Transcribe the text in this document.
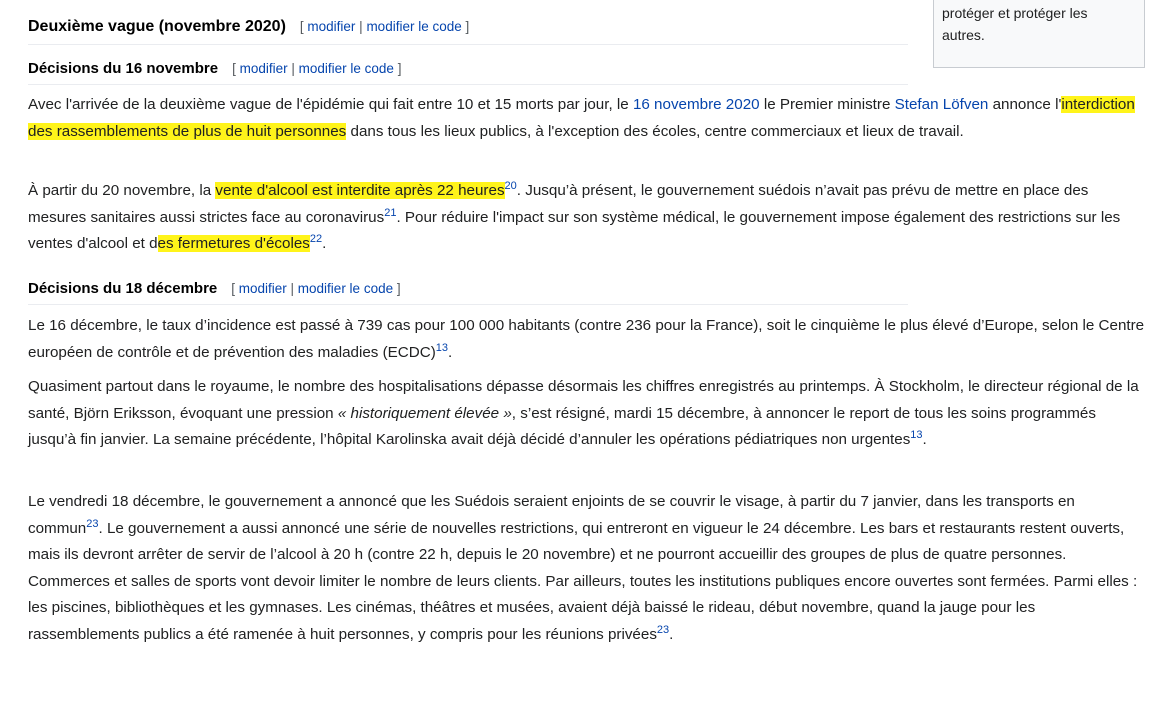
protéger et protéger les

autres.

Deuxième vague (novembre 2020) [ modifier | modifier le code ]
Décisions du 16 novembre [ modifier | modifier le code ]

Avec l'arrivée de la deuxième vague de l'épidémie qui fait entre 10 et 15 morts par jour, le 16 novembre 2020 le Premier ministre Stefan Löfven annonce l'interdiction des rassemblements de plus de huit personnes dans tous les lieux publics, à l'exception des écoles, centre commerciaux et lieux de travail.

À partir du 20 novembre, la vente d'alcool est interdite après 22 heures$^{20}$. Jusqu’à présent, le gouvernement suédois n’avait pas prévu de mettre en place des mesures sanitaires aussi strictes face au coronavirus$^{21}$. Pour réduire l'impact sur son système médical, le gouvernement impose également des restrictions sur les ventes d'alcool et des fermetures d'écoles$^{22}$.

Décisions du 18 décembre [ modifier | modifier le code ]

Le 16 décembre, le taux d’incidence est passé à 739 cas pour 100 000 habitants (contre 236 pour la France), soit le cinquième le plus élevé d’Europe, selon le Centre européen de contrôle et de prévention des maladies (ECDC)$^{13}$.

Quasiment partout dans le royaume, le nombre des hospitalisations dépasse désormais les chiffres enregistrés au printemps. À Stockholm, le directeur régional de la santé, Björn Eriksson, évoquant une pression « historiquement élevée », s’est résigné, mardi 15 décembre, à annoncer le report de tous les soins programmés jusqu’à fin janvier. La semaine précédente, l’hôpital Karolinska avait déjà décidé d’annuler les opérations pédiatriques non urgentes$^{13}$.

Le vendredi 18 décembre, le gouvernement a annoncé que les Suédois seraient enjoints de se couvrir le visage, à partir du 7 janvier, dans les transports en commun$^{23}$. Le gouvernement a aussi annoncé une série de nouvelles restrictions, qui entreront en vigueur le 24 décembre. Les bars et restaurants restent ouverts, mais ils devront arrêter de servir de l’alcool à 20 h (contre 22 h, depuis le 20 novembre) et ne pourront accueillir des groupes de plus de quatre personnes. Commerces et salles de sports vont devoir limiter le nombre de leurs clients. Par ailleurs, toutes les institutions publiques encore ouvertes sont fermées. Parmi elles : les piscines, bibliothèques et les gymnases. Les cinémas, théâtres et musées, avaient déjà baissé le rideau, début novembre, quand la jauge pour les rassemblements publics a été ramenée à huit personnes, y compris pour les réunions privées$^{23}$.
